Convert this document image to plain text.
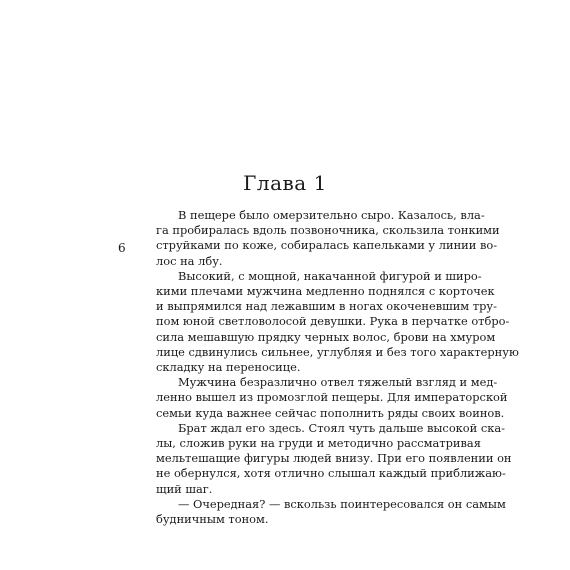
Глава 1
6

В пещере было омерзительно сыро. Казалось, вла-
га пробиралась вдоль позвоночника, скользила тонкими
струйками по коже, собиралась капельками у линии во-
лос на лбу.

Высокий, с мощной, накачанной фигурой и широ-
кими плечами мужчина медленно поднялся с корточек
и выпрямился над лежавшим в ногах окоченевшим тру-
пом юной светловолосой девушки. Рука в перчатке отбро-
сила мешавшую прядку черных волос, брови на хмуром
лице сдвинулись сильнее, углубляя и без того характерную
складку на переносице.

Мужчина безразлично отвел тяжелый взгляд и мед-
ленно вышел из промозглой пещеры. Для императорской
семьи куда важнее сейчас пополнить ряды своих воинов.

Брат ждал его здесь. Стоял чуть дальше высокой ска-
лы, сложив руки на груди и методично рассматривая
мельтешащие фигуры людей внизу. При его появлении он
не обернулся, хотя отлично слышал каждый приближаю-
щий шаг.

— Очередная? — вскользь поинтересовался он самым
будничным тоном.
